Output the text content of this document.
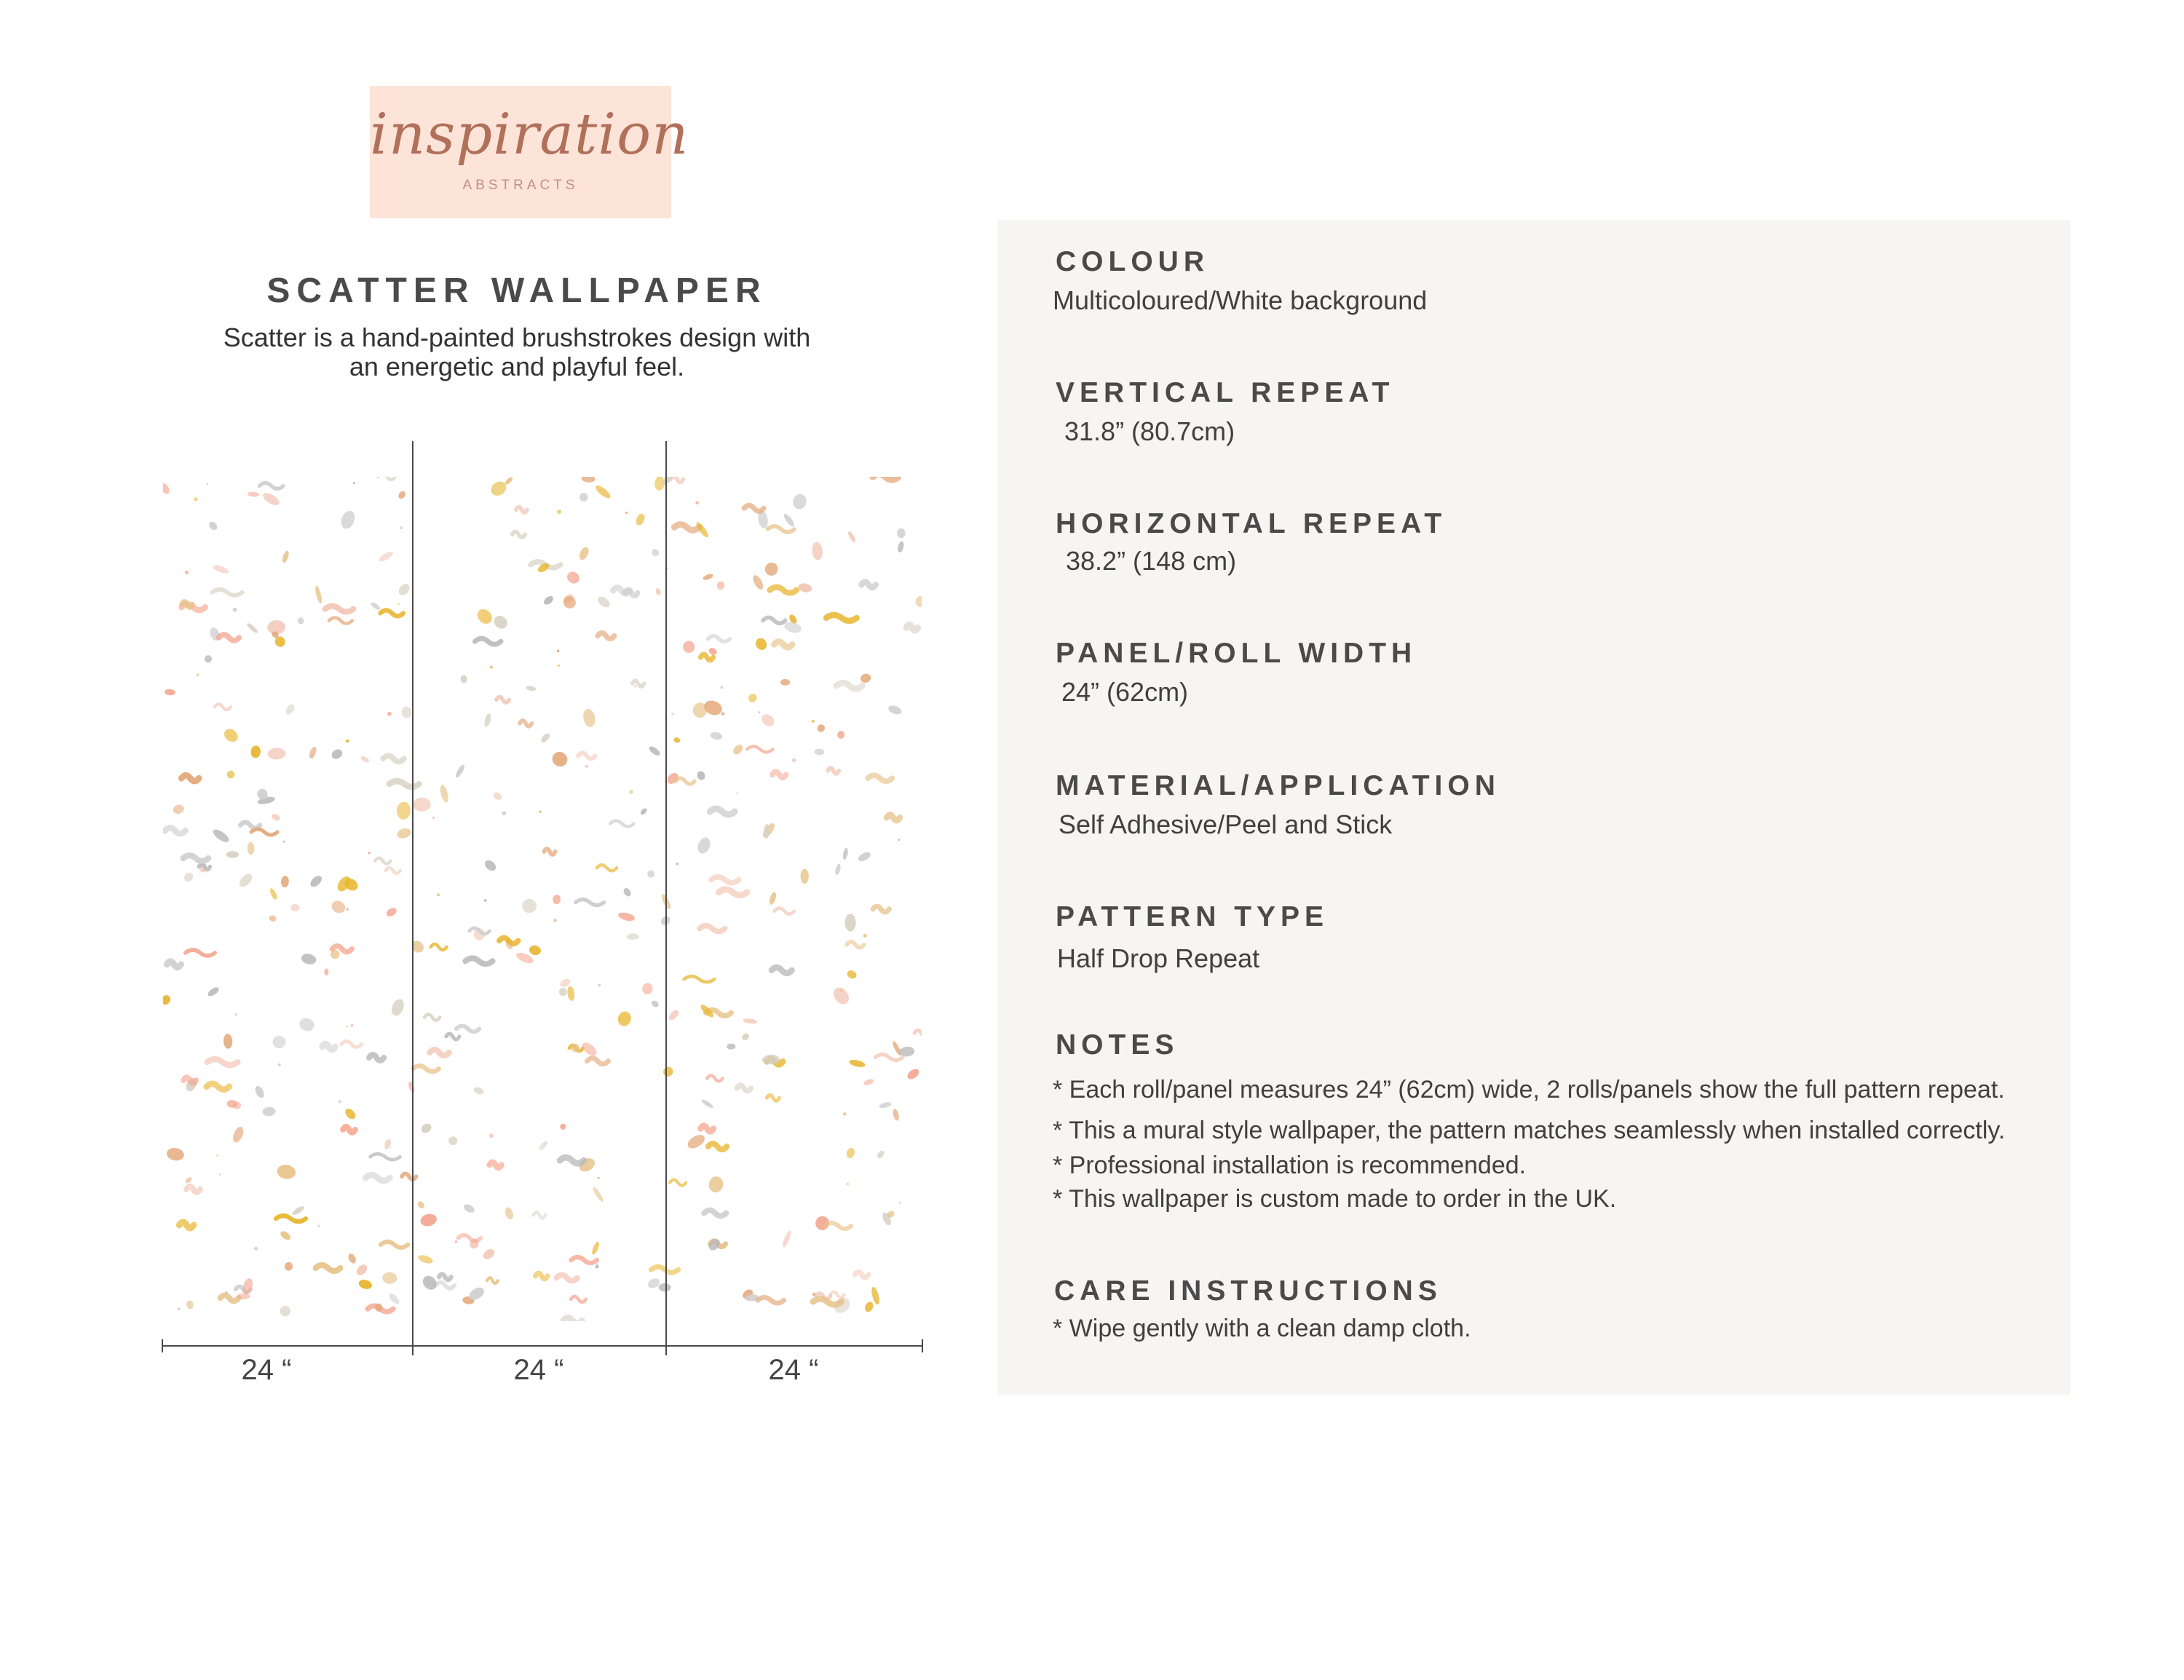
inspiration
ABSTRACTS
SCATTER WALLPAPER
Scatter is a hand-painted brushstrokes design with
an energetic and playful feel.
24 “	24 “	24 “
COLOUR
Multicoloured/White background
VERTICAL REPEAT
31.8” (80.7cm)
HORIZONTAL REPEAT
38.2” (148 cm)
PANEL/ROLL WIDTH
24” (62cm)
MATERIAL/APPLICATION
Self Adhesive/Peel and Stick
PATTERN TYPE
Half Drop Repeat
NOTES
* Each roll/panel measures 24” (62cm) wide, 2 rolls/panels show the full pattern repeat.
* This a mural style wallpaper, the pattern matches seamlessly when installed correctly.
* Professional installation is recommended.
* This wallpaper is custom made to order in the UK.
CARE INSTRUCTIONS
* Wipe gently with a clean damp cloth.
